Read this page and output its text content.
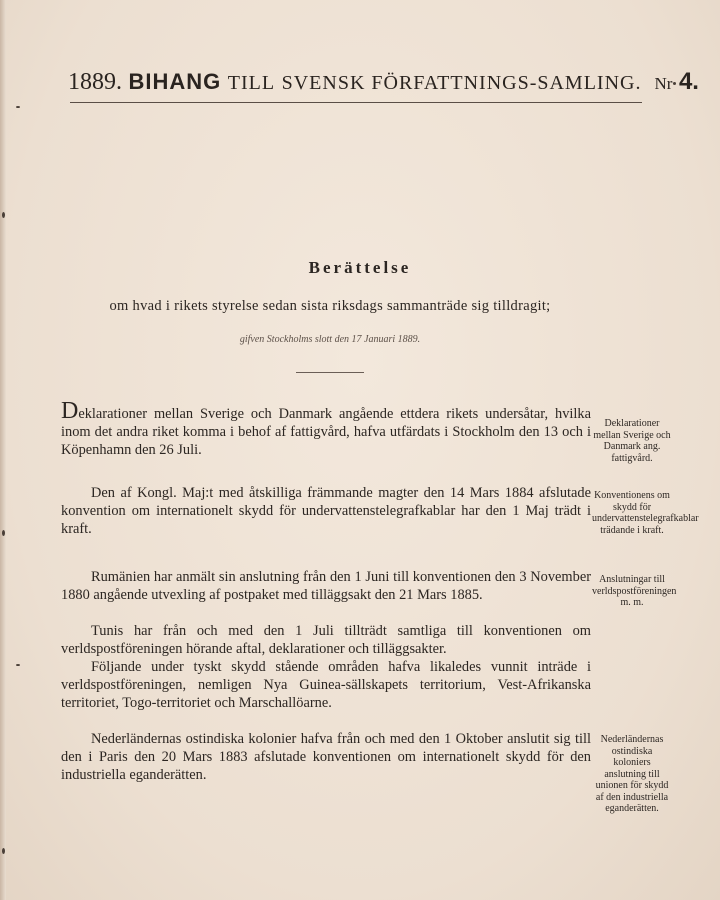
1889. BIHANG TILL SVENSK FÖRFATTNINGS-SAMLING. Nr 4.
Berättelse
om hvad i rikets styrelse sedan sista riksdags sammanträde sig tilldragit;
gifven Stockholms slott den 17 Januari 1889.
Deklarationer mellan Sverige och Danmark angående ettdera rikets undersåtar, hvilka inom det andra riket komma i behof af fattigvård, hafva utfärdats i Stockholm den 13 och i Köpenhamn den 26 Juli.
Den af Kongl. Maj:t med åtskilliga främmande magter den 14 Mars 1884 afslutade konvention om internationelt skydd för undervattenstelegrafkablar har den 1 Maj trädt i kraft.
Rumänien har anmält sin anslutning från den 1 Juni till konventionen den 3 November 1880 angående utvexling af postpaket med tilläggsakt den 21 Mars 1885.
Tunis har från och med den 1 Juli tillträdt samtliga till konventionen om verldspostföreningen hörande aftal, deklarationer och tilläggsakter.
Följande under tyskt skydd stående områden hafva likaledes vunnit inträde i verldspostföreningen, nemligen Nya Guinea-sällskapets territorium, Vest-Afrikanska territoriet, Togo-territoriet och Marschallöarne.
Nederländernas ostindiska kolonier hafva från och med den 1 Oktober anslutit sig till den i Paris den 20 Mars 1883 afslutade konventionen om internationelt skydd för den industriella eganderätten.
Deklarationer mellan Sverige och Danmark ang. fattigvård.
Konventionens om skydd för undervattenstelegrafkablar trädande i kraft.
Anslutningar till verldspostföreningen m. m.
Nederländernas ostindiska koloniers anslutning till unionen för skydd af den industriella eganderätten.
